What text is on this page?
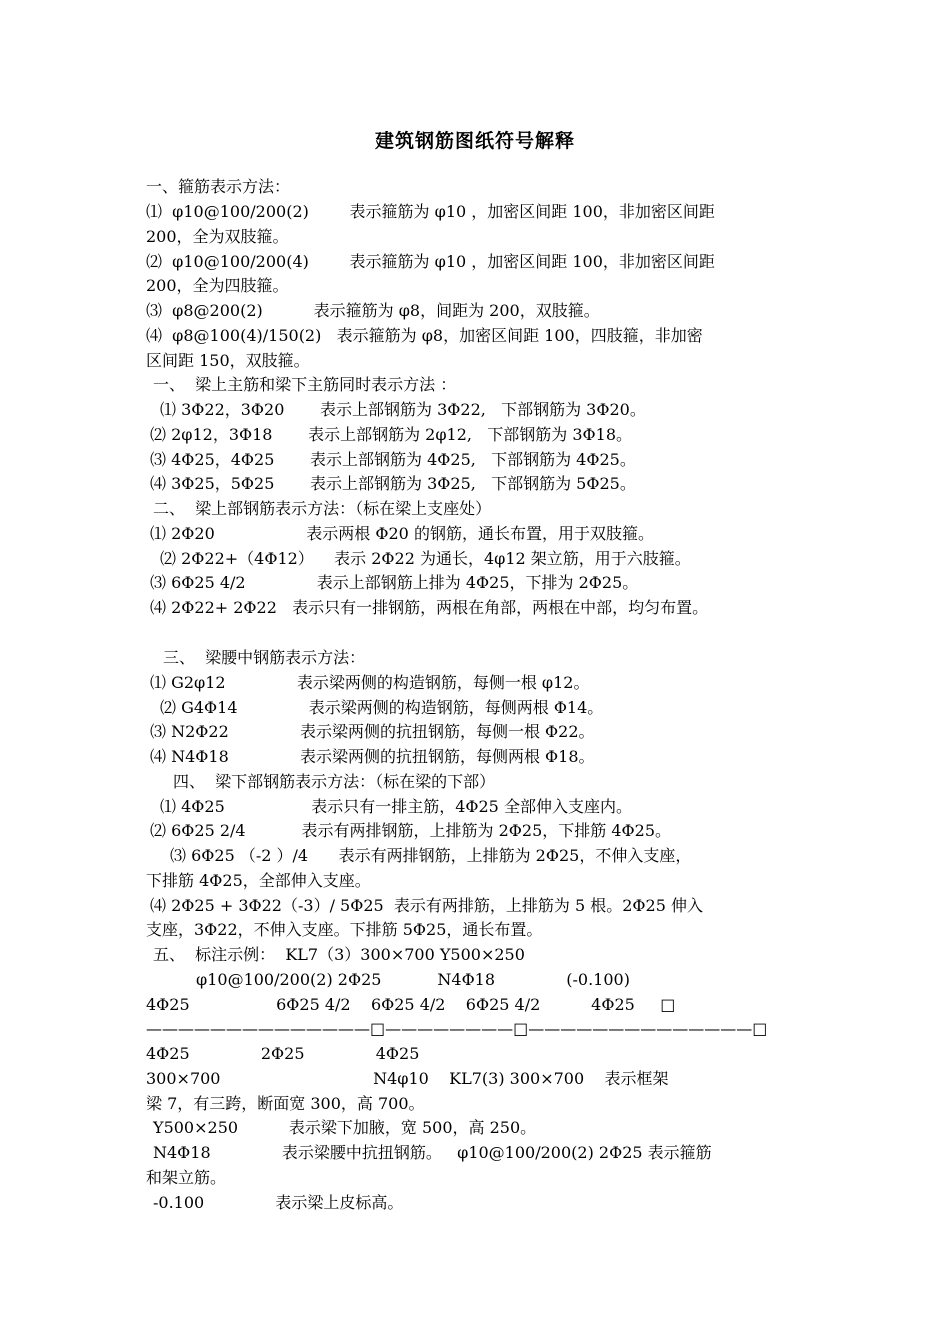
建筑钢筋图纸符号解释
一、箍筋表示方法：
⑴  φ10@100/200(2)        表示箍筋为 φ10 ，加密区间距 100，非加密区间距
200，全为双肢箍。
⑵  φ10@100/200(4)        表示箍筋为 φ10 ，加密区间距 100，非加密区间距
200，全为四肢箍。
⑶  φ8@200(2)          表示箍筋为 φ8，间距为 200，双肢箍。
⑷  φ8@100(4)/150(2)   表示箍筋为 φ8，加密区间距 100，四肢箍，非加密
区间距 150，双肢箍。
一、  梁上主筋和梁下主筋同时表示方法 ：
⑴ 3Φ22，3Φ20       表示上部钢筋为 3Φ22,   下部钢筋为 3Φ20。
⑵ 2φ12，3Φ18       表示上部钢筋为 2φ12,   下部钢筋为 3Φ18。
⑶ 4Φ25，4Φ25       表示上部钢筋为 4Φ25,   下部钢筋为 4Φ25。
⑷ 3Φ25，5Φ25       表示上部钢筋为 3Φ25,   下部钢筋为 5Φ25。
二、  梁上部钢筋表示方法：（标在梁上支座处）
⑴ 2Φ20                  表示两根 Φ20 的钢筋，通长布置，用于双肢箍。
⑵ 2Φ22+（4Φ12）    表示 2Φ22 为通长，4φ12 架立筋，用于六肢箍。
⑶ 6Φ25 4/2              表示上部钢筋上排为 4Φ25，下排为 2Φ25。
⑷ 2Φ22+ 2Φ22   表示只有一排钢筋，两根在角部，两根在中部，均匀布置。
三、  梁腰中钢筋表示方法：
⑴ G2φ12              表示梁两侧的构造钢筋，每侧一根 φ12。
⑵ G4Φ14              表示梁两侧的构造钢筋，每侧两根 Φ14。
⑶ N2Φ22              表示梁两侧的抗扭钢筋，每侧一根 Φ22。
⑷ N4Φ18              表示梁两侧的抗扭钢筋，每侧两根 Φ18。
四、  梁下部钢筋表示方法：（标在梁的下部）
⑴ 4Φ25                 表示只有一排主筋，4Φ25 全部伸入支座内。
⑵ 6Φ25 2/4           表示有两排钢筋，上排筋为 2Φ25，下排筋 4Φ25。
⑶ 6Φ25 （-2 ）/4      表示有两排钢筋，上排筋为 2Φ25，不伸入支座，
下排筋 4Φ25，全部伸入支座。
⑷ 2Φ25 + 3Φ22（-3）/ 5Φ25  表示有两排筋，上排筋为 5 根。2Φ25 伸入
支座，3Φ22，不伸入支座。下排筋 5Φ25，通长布置。
五、  标注示例：  KL7（3）300×700 Y500×250
φ10@100/200(2) 2Φ25           N4Φ18              (-0.100)
4Φ25                 6Φ25 4/2    6Φ25 4/2    6Φ25 4/2          4Φ25     □
——————————————□————————□——————————————□
4Φ25              2Φ25              4Φ25
300×700                              N4φ10    KL7(3) 300×700    表示框架
梁 7，有三跨，断面宽 300，高 700。
Y500×250          表示梁下加腋，宽 500，高 250。
N4Φ18              表示梁腰中抗扭钢筋。   φ10@100/200(2) 2Φ25 表示箍筋
和架立筋。
-0.100              表示梁上皮标高。
